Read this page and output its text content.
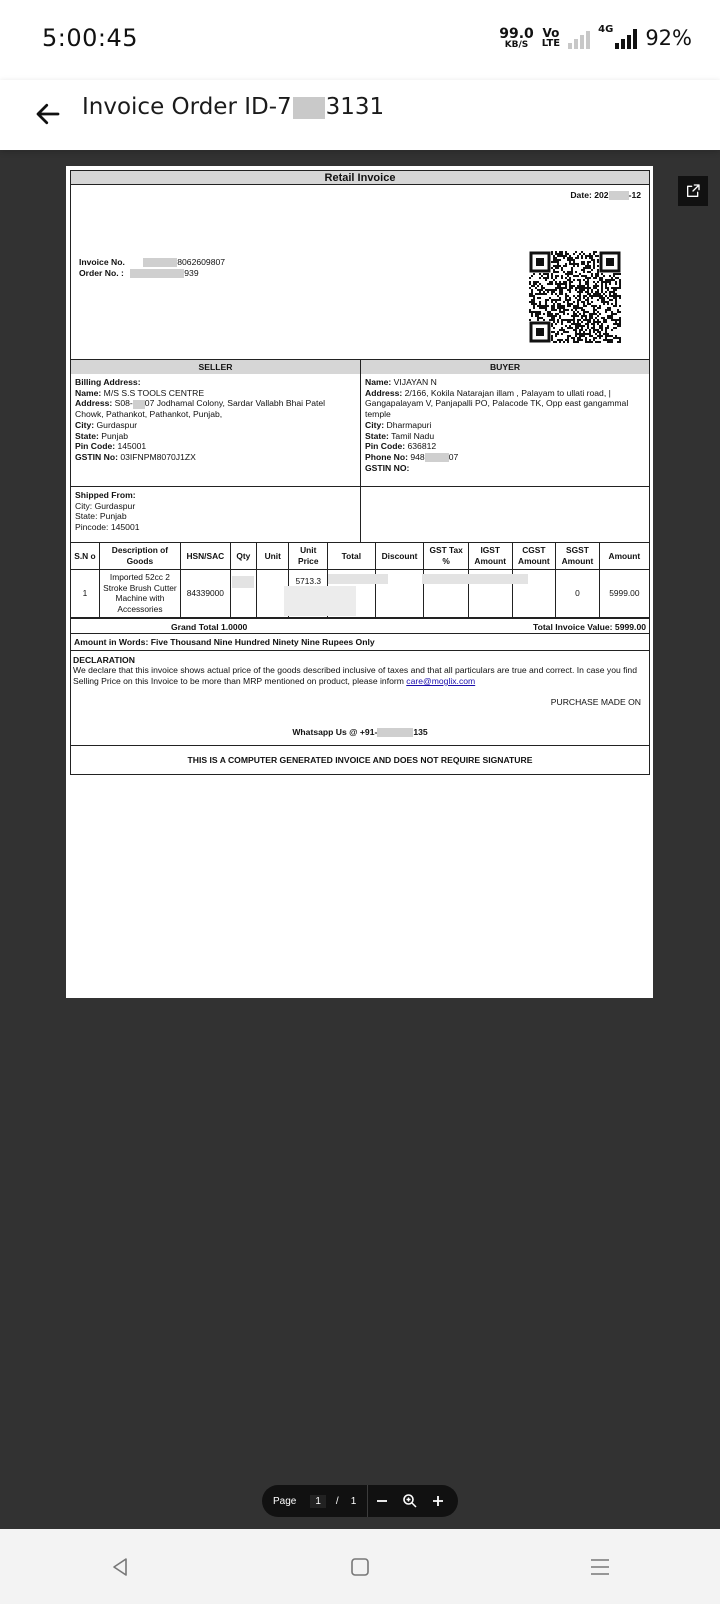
5:00:45	99.0
KB/S
Vo
LTE
4G 92%
Invoice Order ID-7 3131
Retail Invoice
Date: 202 -12
Invoice No.	8062609807
Order No. :	939
SELLER
Billing Address:
Name: M/S S.S TOOLS CENTRE
Address: S08- 07 Jodhamal Colony, Sardar Vallabh Bhai Patel Chowk, Pathankot, Pathankot, Punjab,
City: Gurdaspur
State: Punjab
Pin Code: 145001
GSTIN No: 03IFNPM8070J1ZX
BUYER
Name: VIJAYAN N
Address: 2/166, Kokila Natarajan illam , Palayam to ullati road, | Gangapalayam V, Panjapalli PO, Palacode TK, Opp east gangammal temple
City: Dharmapuri
State: Tamil Nadu
Pin Code: 636812
Phone No: 948	07
GSTIN NO:
Shipped From:
City: Gurdaspur
State: Punjab
Pincode: 145001
S.N o	Description of Goods	HSN/SAC	Qty	Unit	Unit Price	Total	Discount	GST Tax %	IGST Amount	CGST Amount	SGST Amount	Amount
1	Imported 52cc 2 Stroke Brush Cutter Machine with Accessories	84339000			5713.3						0	5999.00
Grand Total 1.0000	Total Invoice Value: 5999.00
Amount in Words: Five Thousand Nine Hundred Ninety Nine Rupees Only
DECLARATION
We declare that this invoice shows actual price of the goods described inclusive of taxes and that all particulars are true and correct. In case you find Selling Price on this Invoice to be more than MRP mentioned on product, please inform care@moglix.com
PURCHASE MADE ON
Whatsapp Us @ +91-	135
THIS IS A COMPUTER GENERATED INVOICE AND DOES NOT REQUIRE SIGNATURE
Page	1	/ 1
